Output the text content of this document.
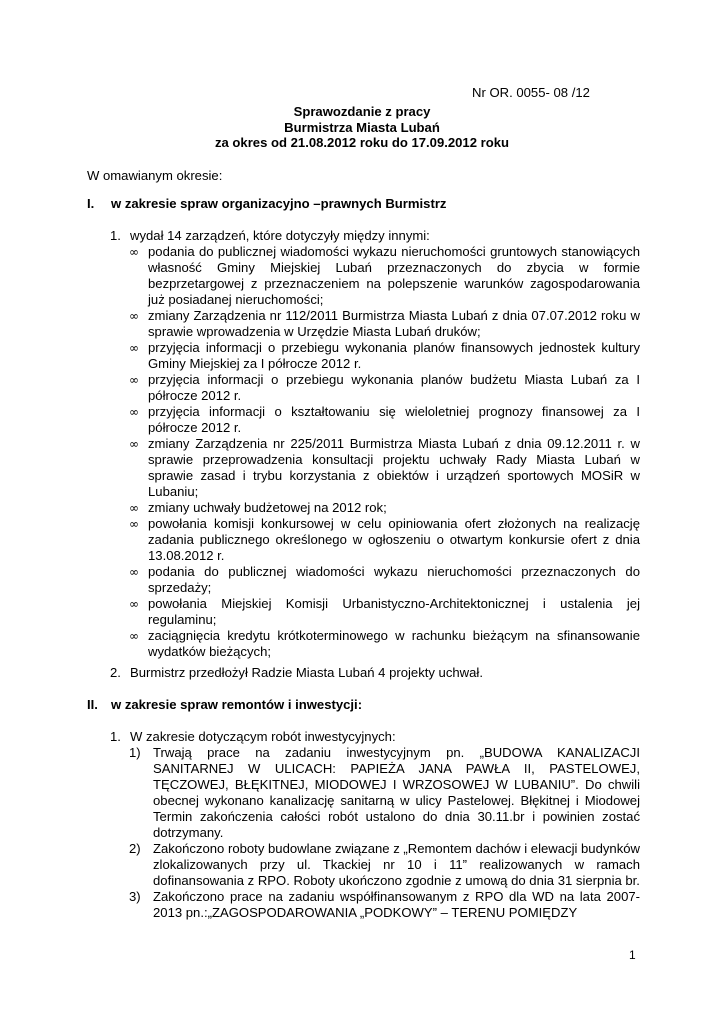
Nr OR. 0055- 08 /12
Sprawozdanie z pracy
Burmistrza Miasta Lubań
za okres od 21.08.2012 roku do 17.09.2012 roku
W omawianym okresie:
I. w zakresie spraw organizacyjno –prawnych Burmistrz
1. wydał 14 zarządzeń, które dotyczyły między innymi:
∞ podania do publicznej wiadomości wykazu nieruchomości gruntowych stanowiących własność Gminy Miejskiej Lubań przeznaczonych do zbycia w formie bezprzetargowej z przeznaczeniem na polepszenie warunków zagospodarowania już posiadanej nieruchomości;
∞ zmiany Zarządzenia nr 112/2011 Burmistrza Miasta Lubań z dnia 07.07.2012 roku w sprawie wprowadzenia w Urzędzie Miasta Lubań druków;
∞ przyjęcia informacji o przebiegu wykonania planów finansowych jednostek kultury Gminy Miejskiej za I półrocze 2012 r.
∞ przyjęcia informacji o przebiegu wykonania planów budżetu Miasta Lubań za I półrocze 2012 r.
∞ przyjęcia informacji o kształtowaniu się wieloletniej prognozy finansowej za I półrocze 2012 r.
∞ zmiany Zarządzenia nr 225/2011 Burmistrza Miasta Lubań z dnia 09.12.2011 r. w sprawie przeprowadzenia konsultacji projektu uchwały Rady Miasta Lubań w sprawie zasad i trybu korzystania z obiektów i urządzeń sportowych MOSiR w Lubaniu;
∞ zmiany uchwały budżetowej na 2012 rok;
∞ powołania komisji konkursowej w celu opiniowania ofert złożonych na realizację zadania publicznego określonego w ogłoszeniu o otwartym konkursie ofert z dnia 13.08.2012 r.
∞ podania do publicznej wiadomości wykazu nieruchomości przeznaczonych do sprzedaży;
∞ powołania Miejskiej Komisji Urbanistyczno-Architektonicznej i ustalenia jej regulaminu;
∞ zaciągnięcia kredytu krótkoterminowego w rachunku bieżącym na sfinansowanie wydatków bieżących;
2. Burmistrz przedłożył Radzie Miasta Lubań 4 projekty uchwał.
II. w zakresie spraw remontów i inwestycji:
1. W zakresie dotyczącym robót inwestycyjnych:
1) Trwają prace na zadaniu inwestycyjnym pn. „BUDOWA KANALIZACJI SANITARNEJ W ULICACH: PAPIEŻA JANA PAWŁA II, PASTELOWEJ, TĘCZOWEJ, BŁĘKITNEJ, MIODOWEJ I WRZOSOWEJ W LUBANIU”. Do chwili obecnej wykonano kanalizację sanitarną w ulicy Pastelowej. Błękitnej i Miodowej Termin zakończenia całości robót ustalono do dnia 30.11.br i powinien zostać dotrzymany.
2) Zakończono roboty budowlane związane z „Remontem dachów i elewacji budynków zlokalizowanych przy ul. Tkackiej nr 10 i 11” realizowanych w ramach dofinansowania z RPO. Roboty ukończono zgodnie z umową do dnia 31 sierpnia br.
3) Zakończono prace na zadaniu współfinansowanym z RPO dla WD na lata 2007-2013 pn.:„ZAGOSPODAROWANIA „PODKOWY” – TERENU POMIĘDZY
1
